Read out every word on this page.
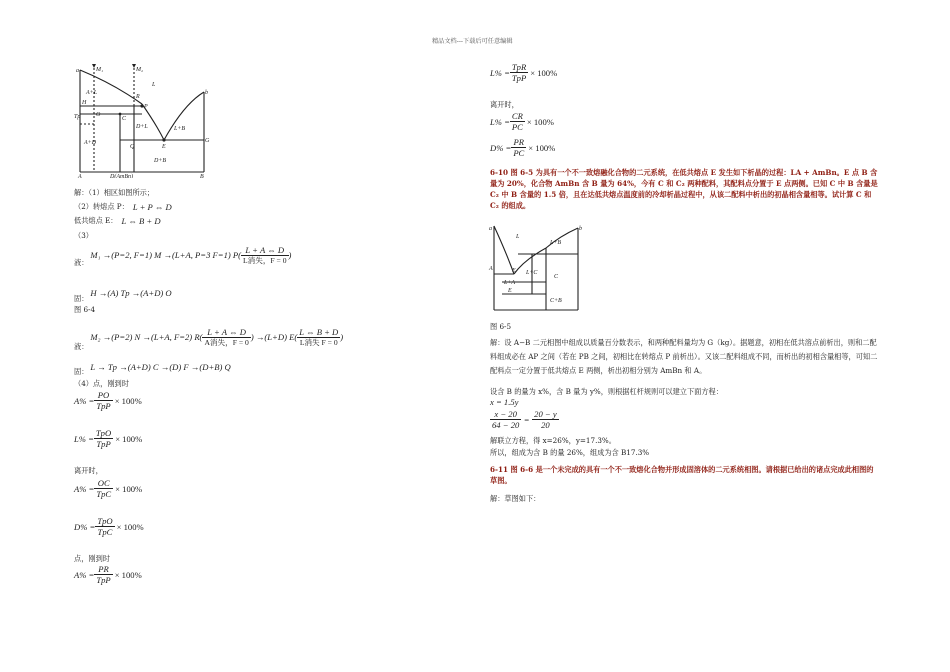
精品文档---下载后可任意编辑
a	M₁	M₂
L
b
A+L
Tp
P
R
H
C
D+L	L+B
G
O
A+D
E
D+B
A	D(AmBn)	B
Q
解：（1）相区如图所示；
（2）转熔点 P： L + P ⇔ D
低共熔点 E： L ⇔ B + D
（3）
液：
M₁ →(P=2, F=1) M →(L+A, P=3 F=1) $P( \frac{L + A \Leftrightarrow D}{\text{L消失，F = 0}}$ )
固：
H →(A) Tp →(A+D) O
图 6-4
液：
M₂ →(P=2) N →(L+A, F=2) $R( \frac{L + A \Leftrightarrow D}{\text{A消失，F = 0}}$ ) →(L+D) $E( \frac{L \Leftrightarrow B + D}{\text{L消失 F = 0}}$ )
固： L → Tp →(A+D) C →(D) F →(D+B) Q
（4）点，刚到时
$A\% = \frac{PO}{\text{TpP}} \times 100\%$
$L\% = \frac{\text{TpO}}{\text{TpP}} \times 100\%$
离开时，
$A\% = \frac{OC}{\text{TpC}} \times 100\%$
$D\% = \frac{\text{TpO}}{\text{TpC}} \times 100\%$
点，刚到时
$A\% = \frac{PR}{\text{TpP}} \times 100\%$
$L\% = \frac{\text{TpR}}{\text{TpP}} \times 100\%$
离开时，
$L\% = \frac{CR}{PC} \times 100\%$
$D\% = \frac{PR}{PC} \times 100\%$
6-10 图 6-5 为具有一个不一致熔融化合物的二元系统，在低共熔点 E 发生如下析晶的过程：LA + AmBn。E 点 B 含量为 20%，化合物 AmBn 含 B 量为 64%，今有 C 和 C₂ 两种配料，其配料点分置于 E 点两侧。已知 C 中 B 含量是 C₂ 中 B 含量的 1.5 倍，且在达低共熔点温度前的冷却析晶过程中，从该二配料中析出的初晶相含量相等。试计算 C 和 C₂ 的组成。
a	b
L
L+B
A	E L+C
C
L+A
E
C+B
图 6-5
解：设 A−B 二元相图中组成以质量百分数表示，和两种配料量均为 G（kg）。据题意，初相在低共溶点前析出，则和二配料组成必在 AP 之间（若在 PB 之间，初相比在转熔点 P 前析出）。又该二配料组成不同，而析出的初相含量相等，可知二配料点一定分置于低共熔点 E 两侧，析出初相分别为 AmBn 和 A。
设含 B 的量为 x%，含 B 量为 y%，则根据杠杆规则可以建立下面方程：
x = 1.5y
$\frac{x - 20}{64 - 20} = \frac{20 - y}{20}$
解联立方程，得 x=26%，y=17.3%。
所以，组成为含 B 的量 26%，组成为含 B17.3%
6-11 图 6-6 是一个未完成的具有一个不一致熔化合物并形成固溶体的二元系统相图。请根据已给出的诸点完成此相图的草图。
解：草图如下：
